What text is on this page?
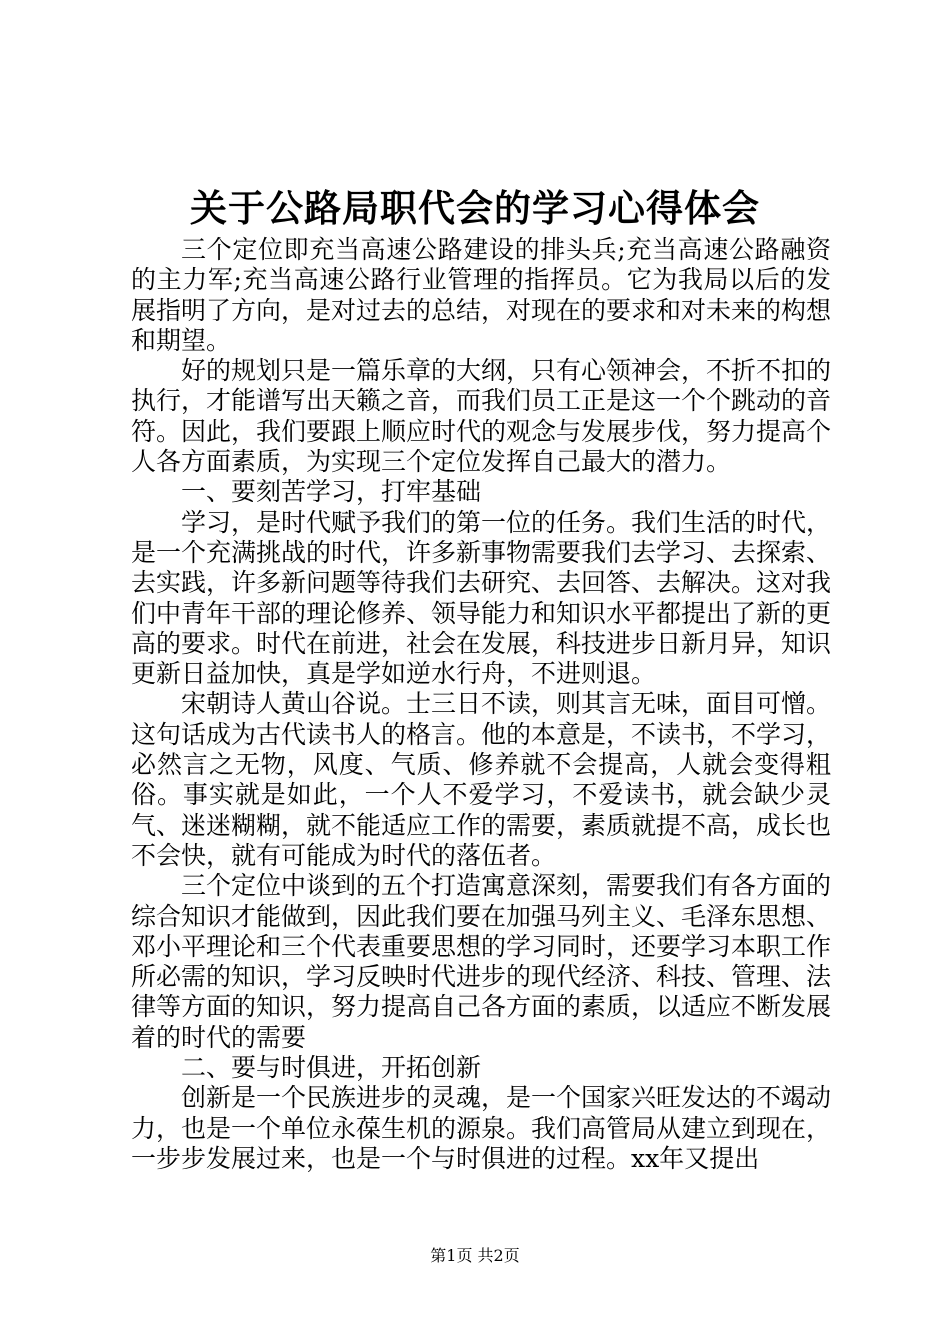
关于公路局职代会的学习心得体会

三个定位即充当高速公路建设的排头兵;充当高速公路融资的主力军;充当高速公路行业管理的指挥员。它为我局以后的发展指明了方向，是对过去的总结，对现在的要求和对未来的构想和期望。

好的规划只是一篇乐章的大纲，只有心领神会，不折不扣的执行，才能谱写出天籁之音，而我们员工正是这一个个跳动的音符。因此，我们要跟上顺应时代的观念与发展步伐，努力提高个人各方面素质，为实现三个定位发挥自己最大的潜力。

一、要刻苦学习，打牢基础

学习，是时代赋予我们的第一位的任务。我们生活的时代，是一个充满挑战的时代，许多新事物需要我们去学习、去探索、去实践，许多新问题等待我们去研究、去回答、去解决。这对我们中青年干部的理论修养、领导能力和知识水平都提出了新的更高的要求。时代在前进，社会在发展，科技进步日新月异，知识更新日益加快，真是学如逆水行舟，不进则退。

宋朝诗人黄山谷说。士三日不读，则其言无味，面目可憎。这句话成为古代读书人的格言。他的本意是，不读书，不学习，必然言之无物，风度、气质、修养就不会提高，人就会变得粗俗。事实就是如此，一个人不爱学习，不爱读书，就会缺少灵气、迷迷糊糊，就不能适应工作的需要，素质就提不高，成长也不会快，就有可能成为时代的落伍者。

三个定位中谈到的五个打造寓意深刻，需要我们有各方面的综合知识才能做到，因此我们要在加强马列主义、毛泽东思想、邓小平理论和三个代表重要思想的学习同时，还要学习本职工作所必需的知识，学习反映时代进步的现代经济、科技、管理、法律等方面的知识，努力提高自己各方面的素质，以适应不断发展着的时代的需要

二、要与时俱进，开拓创新

创新是一个民族进步的灵魂，是一个国家兴旺发达的不竭动力，也是一个单位永葆生机的源泉。我们高管局从建立到现在，一步步发展过来，也是一个与时俱进的过程。xx年又提出

第1页 共2页
